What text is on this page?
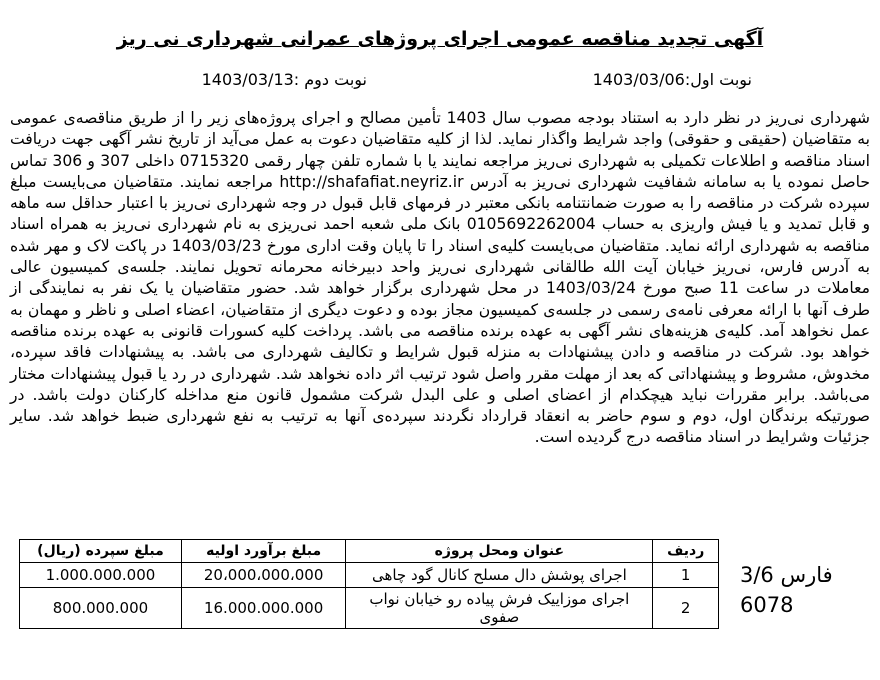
آگهی تجدید مناقصه عمومی اجرای پروژهای عمرانی شهرداری نی ریز
نوبت اول:1403/03/06
نوبت دوم :1403/03/13

شهرداری نی‌ریز در نظر دارد به استناد بودجه مصوب سال 1403 تأمین مصالح و اجرای پروژه‌های زیر را از طریق مناقصه‌ی عمومی به متقاضیان (حقیقی و حقوقی) واجد شرایط واگذار نماید. لذا از کلیه متقاضیان دعوت به عمل می‌آید از تاریخ نشر آگهی جهت دریافت اسناد مناقصه و اطلاعات تکمیلی به شهرداری نی‌ریز مراجعه نمایند یا با شماره تلفن چهار رقمی 0715320 داخلی 307 و 306 تماس حاصل نموده یا به سامانه شفافیت شهرداری نی‌ریز به آدرس http://shafafiat.neyriz.ir مراجعه نمایند. متقاضیان می‌بایست مبلغ سپرده شرکت در مناقصه را به صورت ضمانتنامه بانکی معتبر در فرمهای قابل قبول در وجه شهرداری نی‌ریز با اعتبار حداقل سه ماهه و قابل تمدید و یا فیش واریزی به حساب 0105692262004 بانک ملی شعبه احمد نی‌ریزی به نام شهرداری نی‌ریز به همراه اسناد مناقصه به شهرداری ارائه نماید. متقاضیان می‌بایست کلیه‌ی اسناد را تا پایان وقت اداری مورخ 1403/03/23 در پاکت لاک و مهر شده به آدرس فارس، نی‌ریز خیابان آیت الله طالقانی شهرداری نی‌ریز واحد دبیرخانه محرمانه تحویل نمایند. جلسه‌ی کمیسیون عالی معاملات در ساعت 11 صبح مورخ 1403/03/24 در محل شهرداری برگزار خواهد شد. حضور متقاضیان یا یک نفر به نمایندگی از طرف آنها با ارائه معرفی نامه‌ی رسمی در جلسه‌ی کمیسیون مجاز بوده و دعوت دیگری از متقاضیان، اعضاء اصلی و ناظر و مهمان به عمل نخواهد آمد. کلیه‌ی هزینه‌های نشر آگهی به عهده برنده مناقصه می باشد. پرداخت کلیه کسورات قانونی به عهده برنده مناقصه خواهد بود. شرکت در مناقصه و دادن پیشنهادات به منزله قبول شرایط و تکالیف شهرداری می باشد. به پیشنهادات فاقد سپرده، مخدوش، مشروط و پیشنهاداتی که بعد از مهلت مقرر واصل شود ترتیب اثر داده نخواهد شد. شهرداری در رد یا قبول پیشنهادات مختار می‌باشد. برابر مقررات نباید هیچکدام از اعضای اصلی و علی البدل شرکت مشمول قانون منع مداخله کارکنان دولت باشد. در صورتیکه برندگان اول، دوم و سوم حاضر به انعقاد قرارداد نگردند سپرده‌ی آنها به ترتیب به نفع شهرداری ضبط خواهد شد. سایر جزئیات وشرایط در اسناد مناقصه درج گردیده است.

ردیف	عنوان ومحل پروژه	مبلغ برآورد اولیه	مبلغ سپرده (ریال)
1	اجرای پوشش دال مسلح کانال گود چاهی	20،000،000،000	1.000.000.000
2	اجرای موزاییک فرش پیاده رو خیابان نواب صفوی	16.000.000.000	800.000.000
فارس 3/6
6078
